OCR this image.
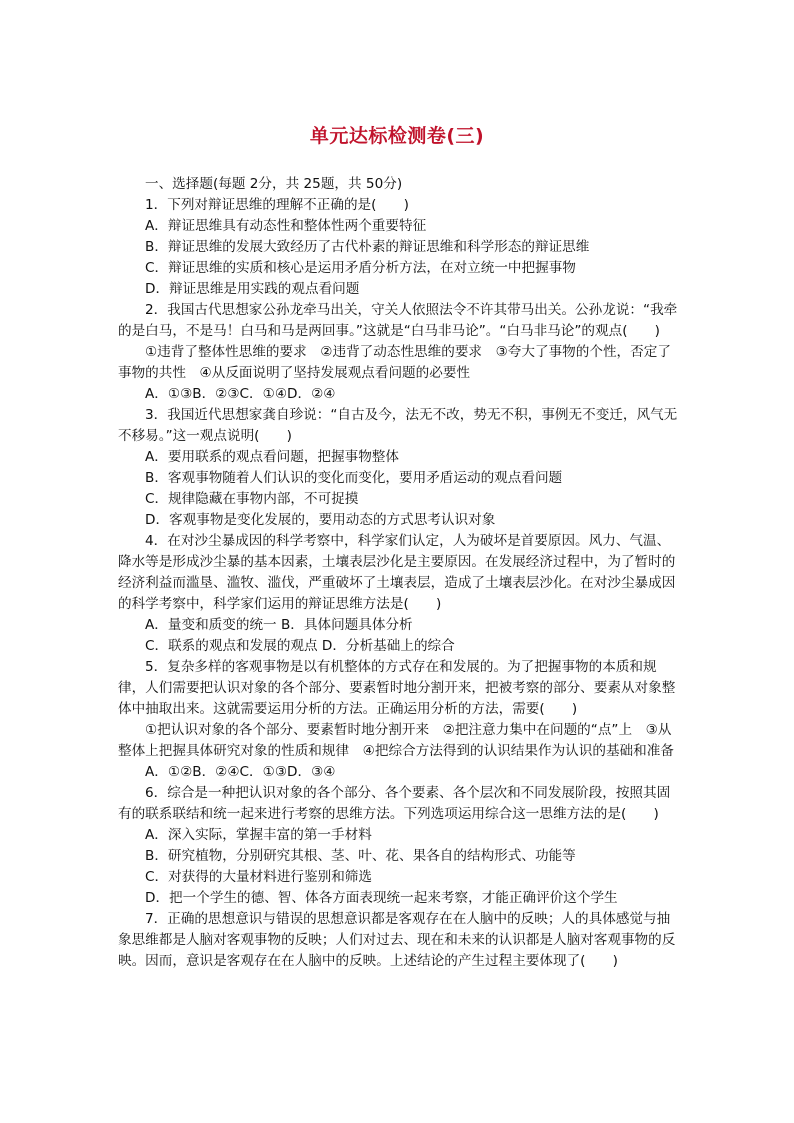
单元达标检测卷(三)

一、选择题(每题 2分，共 25题，共 50分)

1．下列对辩证思维的理解不正确的是(　　)

A．辩证思维具有动态性和整体性两个重要特征

B．辩证思维的发展大致经历了古代朴素的辩证思维和科学形态的辩证思维

C．辩证思维的实质和核心是运用矛盾分析方法，在对立统一中把握事物

D．辩证思维是用实践的观点看问题

2．我国古代思想家公孙龙牵马出关，守关人依照法令不许其带马出关。公孙龙说：“我牵的是白马，不是马！白马和马是两回事。”这就是“白马非马论”。“白马非马论”的观点(　　)

①违背了整体性思维的要求　②违背了动态性思维的要求　③夸大了事物的个性，否定了事物的共性　④从反面说明了坚持发展观点看问题的必要性

A．①③B．②③C．①④D．②④

3．我国近代思想家龚自珍说：“自古及今，法无不改，势无不积，事例无不变迁，风气无不移易。”这一观点说明(　　)

A．要用联系的观点看问题，把握事物整体

B．客观事物随着人们认识的变化而变化，要用矛盾运动的观点看问题

C．规律隐藏在事物内部，不可捉摸

D．客观事物是变化发展的，要用动态的方式思考认识对象

4．在对沙尘暴成因的科学考察中，科学家们认定，人为破坏是首要原因。风力、气温、降水等是形成沙尘暴的基本因素，土壤表层沙化是主要原因。在发展经济过程中，为了暂时的经济利益而滥垦、滥牧、滥伐，严重破坏了土壤表层，造成了土壤表层沙化。在对沙尘暴成因的科学考察中，科学家们运用的辩证思维方法是(　　)

A．量变和质变的统一 B．具体问题具体分析

C．联系的观点和发展的观点 D．分析基础上的综合

5．复杂多样的客观事物是以有机整体的方式存在和发展的。为了把握事物的本质和规律，人们需要把认识对象的各个部分、要素暂时地分割开来，把被考察的部分、要素从对象整体中抽取出来。这就需要运用分析的方法。正确运用分析的方法，需要(　　)

①把认识对象的各个部分、要素暂时地分割开来　②把注意力集中在问题的“点”上　③从整体上把握具体研究对象的性质和规律　④把综合方法得到的认识结果作为认识的基础和准备

A．①②B．②④C．①③D．③④

6．综合是一种把认识对象的各个部分、各个要素、各个层次和不同发展阶段，按照其固有的联系联结和统一起来进行考察的思维方法。下列选项运用综合这一思维方法的是(　　)

A．深入实际，掌握丰富的第一手材料

B．研究植物，分别研究其根、茎、叶、花、果各自的结构形式、功能等

C．对获得的大量材料进行鉴别和筛选

D．把一个学生的德、智、体各方面表现统一起来考察，才能正确评价这个学生

7．正确的思想意识与错误的思想意识都是客观存在在人脑中的反映；人的具体感觉与抽象思维都是人脑对客观事物的反映；人们对过去、现在和未来的认识都是人脑对客观事物的反映。因而，意识是客观存在在人脑中的反映。上述结论的产生过程主要体现了(　　)
